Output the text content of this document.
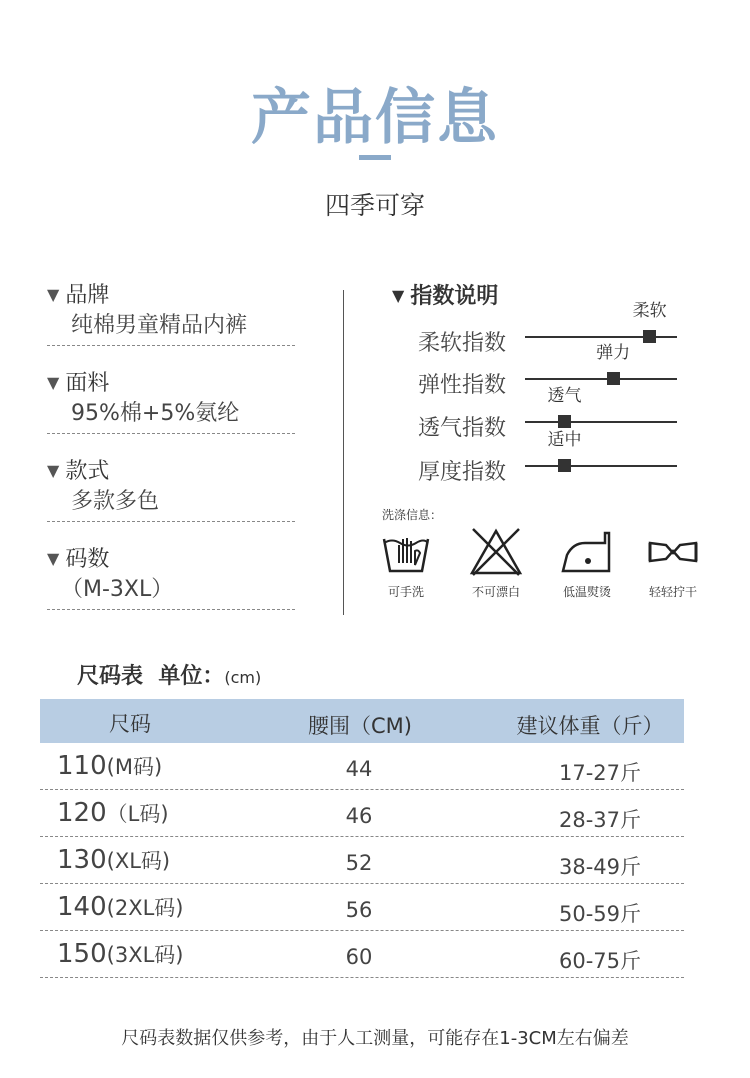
产品信息
四季可穿
▼ 品牌
纯棉男童精品内裤
▼ 面料
95%棉+5%氨纶
▼ 款式
多款多色
▼ 码数
（M-3XL）
▼ 指数说明
柔软指数
柔软
弹性指数
弹力
透气指数
透气
厚度指数
适中
洗涤信息：
可手洗	不可漂白	低温熨烫	轻轻拧干
尺码表  单位：(cm)
尺码	腰围（CM)	建议体重（斤）
110(M码)	44	17-27斤
120（L码)	46	28-37斤
130(XL码)	52	38-49斤
140(2XL码)	56	50-59斤
150(3XL码)	60	60-75斤
尺码表数据仅供参考，由于人工测量，可能存在1-3CM左右偏差
